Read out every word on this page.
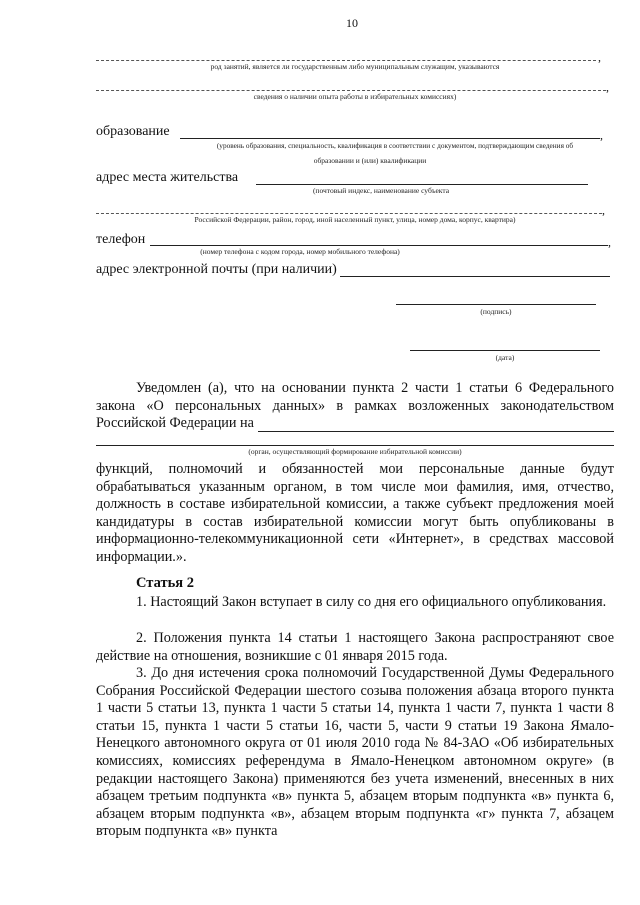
10
,
род занятий, является ли государственным либо муниципальным служащим, указываются
,
сведения о наличии опыта работы в избирательных комиссиях)
образование	,
(уровень образования, специальность, квалификация в соответствии с документом, подтверждающим сведения об
образовании и (или) квалификации
адрес места жительства
(почтовый индекс, наименование субъекта
,
Российской Федерации, район, город, иной населенный пункт, улица, номер дома, корпус, квартира)
телефон	,
(номер телефона с кодом города, номер мобильного телефона)
адрес электронной почты (при наличии)
(подпись)
(дата)
Уведомлен (а), что на основании пункта 2 части 1 статьи 6 Федерального закона «О персональных данных» в рамках возложенных законодательством Российской Федерации на
(орган, осуществляющий формирование избирательной комиссии)
функций, полномочий и обязанностей мои персональные данные будут обрабатываться указанным органом, в том числе мои фамилия, имя, отчество, должность в составе избирательной комиссии, а также субъект предложения моей кандидатуры в состав избирательной комиссии могут быть опубликованы в информационно-телекоммуникационной сети «Интернет», в средствах массовой информации.».
Статья 2
1. Настоящий Закон вступает в силу со дня его официального опубликования.
2. Положения пункта 14 статьи 1 настоящего Закона распространяют свое действие на отношения, возникшие с 01 января 2015 года.
3. До дня истечения срока полномочий Государственной Думы Федерального Собрания Российской Федерации шестого созыва положения абзаца второго пункта 1 части 5 статьи 13, пункта 1 части 5 статьи 14, пункта 1 части 7, пункта 1 части 8 статьи 15, пункта 1 части 5 статьи 16, части 5, части 9 статьи 19 Закона Ямало-Ненецкого автономного округа от 01 июля 2010 года № 84-ЗАО «Об избирательных комиссиях, комиссиях референдума в Ямало-Ненецком автономном округе» (в редакции настоящего Закона) применяются без учета изменений, внесенных в них абзацем третьим подпункта «в» пункта 5, абзацем вторым подпункта «в» пункта 6, абзацем вторым подпункта «в», абзацем вторым подпункта «г» пункта 7, абзацем вторым подпункта «в» пункта
